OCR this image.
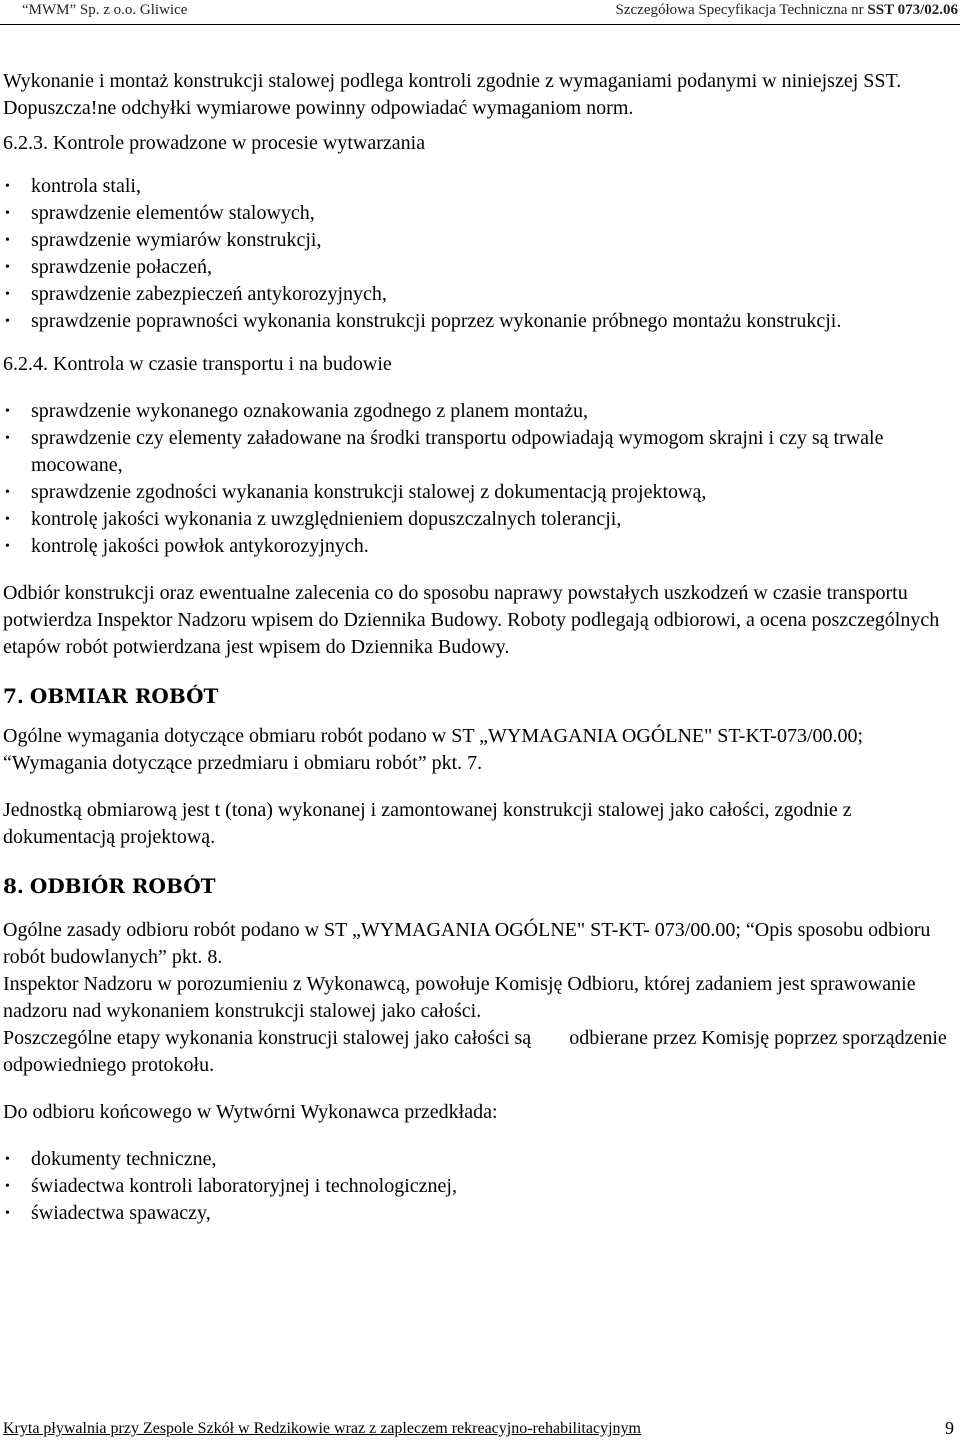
“MWM” Sp. z o.o. Gliwice	Szczegółowa Specyfikacja Techniczna nr SST 073/02.06

Wykonanie i montaż konstrukcji stalowej podlega kontroli zgodnie z wymaganiami podanymi w niniejszej SST.

Dopuszcza!ne odchyłki wymiarowe powinny odpowiadać wymaganiom norm.

6.2.3. Kontrole prowadzone w procesie wytwarzania

• kontrola stali,
• sprawdzenie elementów stalowych,
• sprawdzenie wymiarów konstrukcji,
• sprawdzenie połaczeń,
• sprawdzenie zabezpieczeń antykorozyjnych,
• sprawdzenie poprawności wykonania konstrukcji poprzez wykonanie próbnego montażu konstrukcji.

6.2.4. Kontrola w czasie transportu i na budowie

• sprawdzenie wykonanego oznakowania zgodnego z planem montażu,
• sprawdzenie czy elementy załadowane na środki transportu odpowiadają wymogom skrajni i czy są trwale mocowane,
• sprawdzenie zgodności wykanania konstrukcji stalowej z dokumentacją projektową,
• kontrolę jakości wykonania z uwzględnieniem dopuszczalnych tolerancji,
• kontrolę jakości powłok antykorozyjnych.

Odbiór konstrukcji oraz ewentualne zalecenia co do sposobu naprawy powstałych uszkodzeń w czasie transportu potwierdza Inspektor Nadzoru wpisem do Dziennika Budowy. Roboty podlegają odbiorowi, a ocena poszczególnych etapów robót potwierdzana jest wpisem do Dziennika Budowy.

7. OBMIAR ROBÓT

Ogólne wymagania dotyczące obmiaru robót podano w ST „WYMAGANIA OGÓLNE" ST-KT-073/00.00; “Wymagania dotyczące przedmiaru i obmiaru robót” pkt. 7.

Jednostką obmiarową jest t (tona) wykonanej i zamontowanej konstrukcji stalowej jako całości, zgodnie z dokumentacją projektową.

8. ODBIÓR ROBÓT

Ogólne zasady odbioru robót podano w ST „WYMAGANIA OGÓLNE" ST-KT- 073/00.00; “Opis sposobu odbioru robót budowlanych” pkt. 8.

Inspektor Nadzoru w porozumieniu z Wykonawcą, powołuje Komisję Odbioru, której zadaniem jest sprawowanie nadzoru nad wykonaniem konstrukcji stalowej jako całości.

Poszczególne etapy wykonania konstrucji stalowej jako całości są odbierane przez Komisję poprzez sporządzenie odpowiedniego protokołu.

Do odbioru końcowego w Wytwórni Wykonawca przedkłada:

• dokumenty techniczne,
• świadectwa kontroli laboratoryjnej i technologicznej,
• świadectwa spawaczy,
Kryta pływalnia przy Zespole Szkół w Redzikowie wraz z zapleczem rekreacyjno-rehabilitacyjnym	9
